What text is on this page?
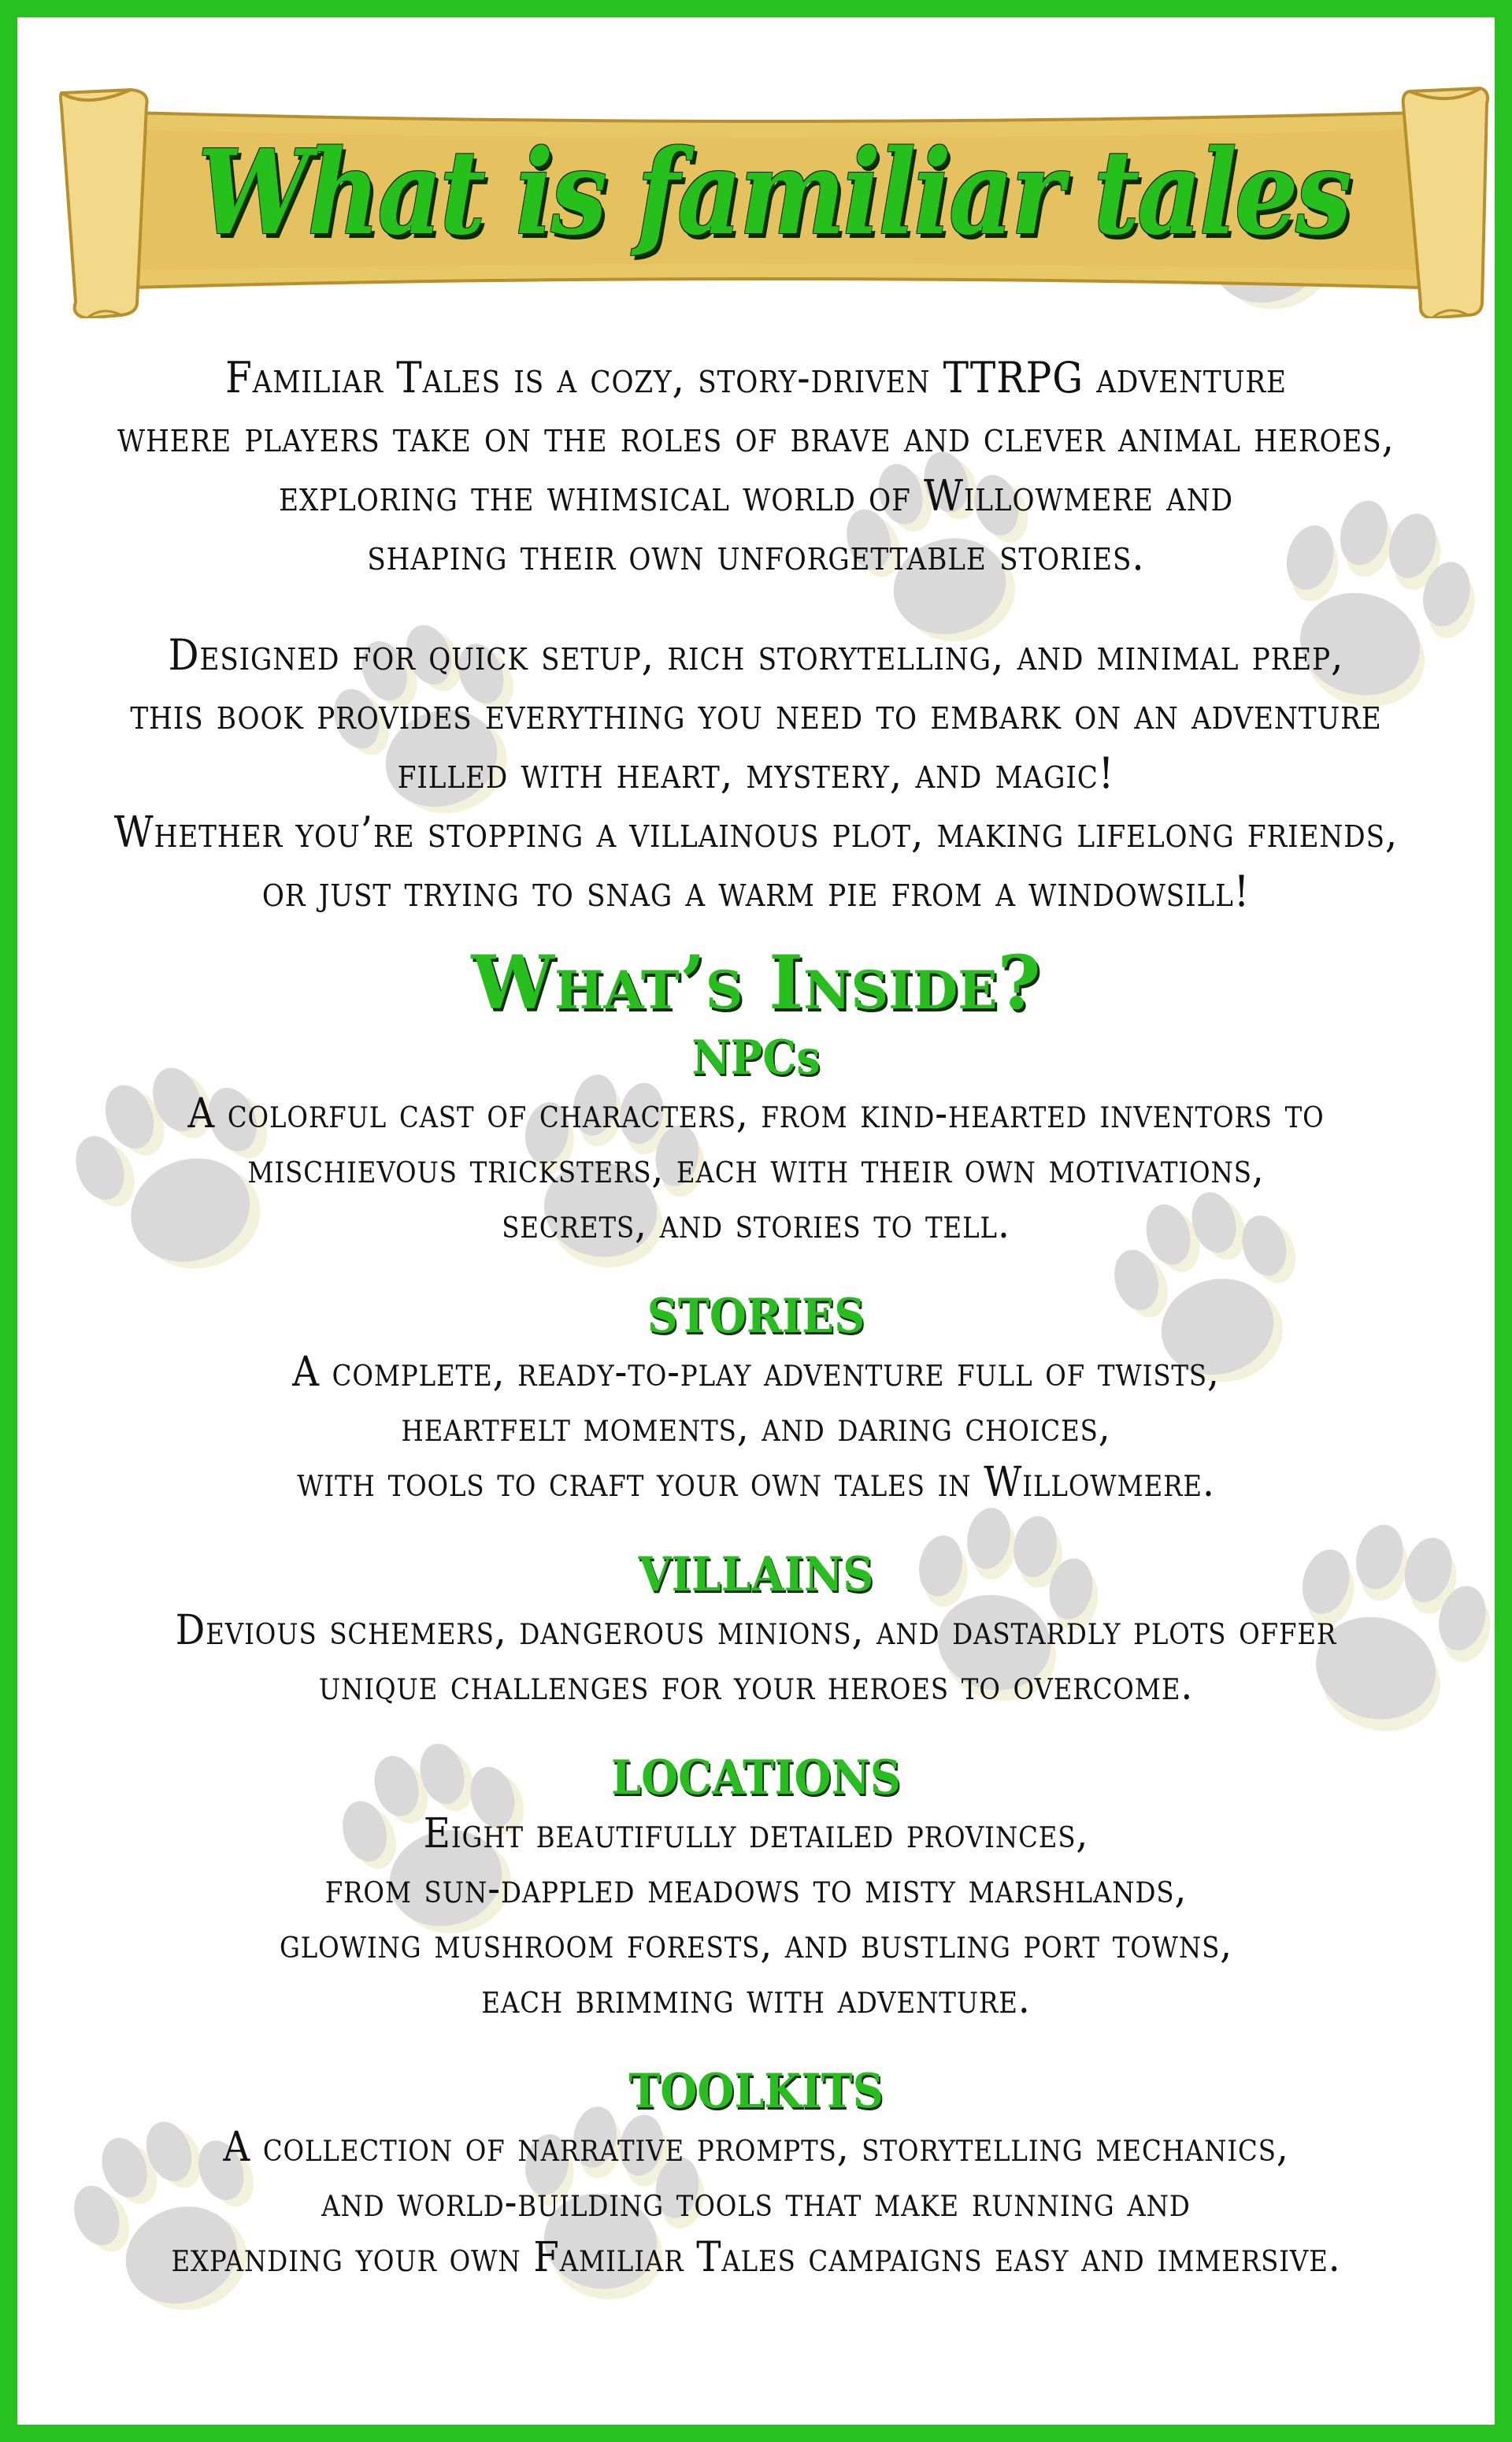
What is familiar tales

Familiar Tales is a cozy, story-driven TTRPG adventure

where players take on the roles of brave and clever animal heroes,

exploring the whimsical world of Willowmere and

shaping their own unforgettable stories.

Designed for quick setup, rich storytelling, and minimal prep,

this book provides everything you need to embark on an adventure

filled with heart, mystery, and magic!

Whether you’re stopping a villainous plot, making lifelong friends,

or just trying to snag a warm pie from a windowsill!

What’s Inside?
NPCs

A colorful cast of characters, from kind-hearted inventors to

mischievous tricksters, each with their own motivations,

secrets, and stories to tell.

STORIES

A complete, ready-to-play adventure full of twists,

heartfelt moments, and daring choices,

with tools to craft your own tales in Willowmere.

VILLAINS

Devious schemers, dangerous minions, and dastardly plots offer

unique challenges for your heroes to overcome.

LOCATIONS

Eight beautifully detailed provinces,

from sun-dappled meadows to misty marshlands,

glowing mushroom forests, and bustling port towns,

each brimming with adventure.

TOOLKITS

A collection of narrative prompts, storytelling mechanics,

and world-building tools that make running and

expanding your own Familiar Tales campaigns easy and immersive.
